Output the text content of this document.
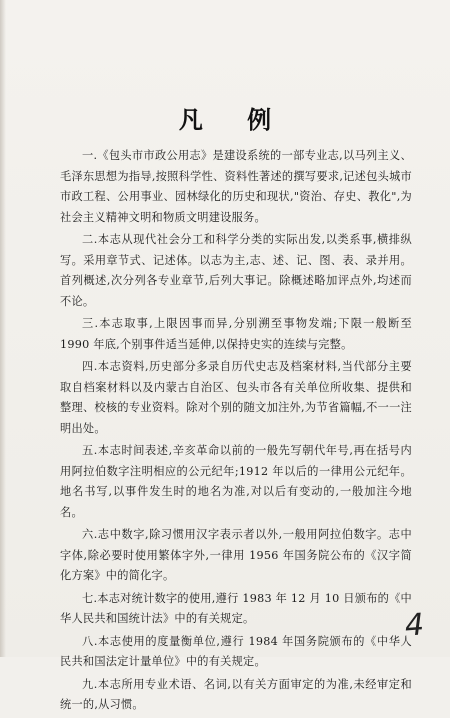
凡 例

一.《包头市市政公用志》是建设系统的一部专业志,以马列主义、毛泽东思想为指导,按照科学性、资料性著述的撰写要求,记述包头城市市政工程、公用事业、园林绿化的历史和现状,"资治、存史、教化",为社会主义精神文明和物质文明建设服务。

二.本志从现代社会分工和科学分类的实际出发,以类系事,横排纵写。采用章节式、记述体。以志为主,志、述、记、图、表、录并用。首列概述,次分列各专业章节,后列大事记。除概述略加评点外,均述而不论。

三.本志取事,上限因事而异,分别溯至事物发端;下限一般断至 1990 年底,个别事件适当延伸,以保持史实的连续与完整。

四.本志资料,历史部分多录自历代史志及档案材料,当代部分主要取自档案材料以及内蒙古自治区、包头市各有关单位所收集、提供和整理、校核的专业资料。除对个别的随文加注外,为节省篇幅,不一一注明出处。

五.本志时间表述,辛亥革命以前的一般先写朝代年号,再在括号内用阿拉伯数字注明相应的公元纪年;1912 年以后的一律用公元纪年。地名书写,以事件发生时的地名为准,对以后有变动的,一般加注今地名。

六.志中数字,除习惯用汉字表示者以外,一般用阿拉伯数字。志中字体,除必要时使用繁体字外,一律用 1956 年国务院公布的《汉字简化方案》中的简化字。

七.本志对统计数字的使用,遵行 1983 年 12 月 10 日颁布的《中华人民共和国统计法》中的有关规定。

八.本志使用的度量衡单位,遵行 1984 年国务院颁布的《中华人民共和国法定计量单位》中的有关规定。

九.本志所用专业术语、名词,以有关方面审定的为准,未经审定和统一的,从习惯。

4
